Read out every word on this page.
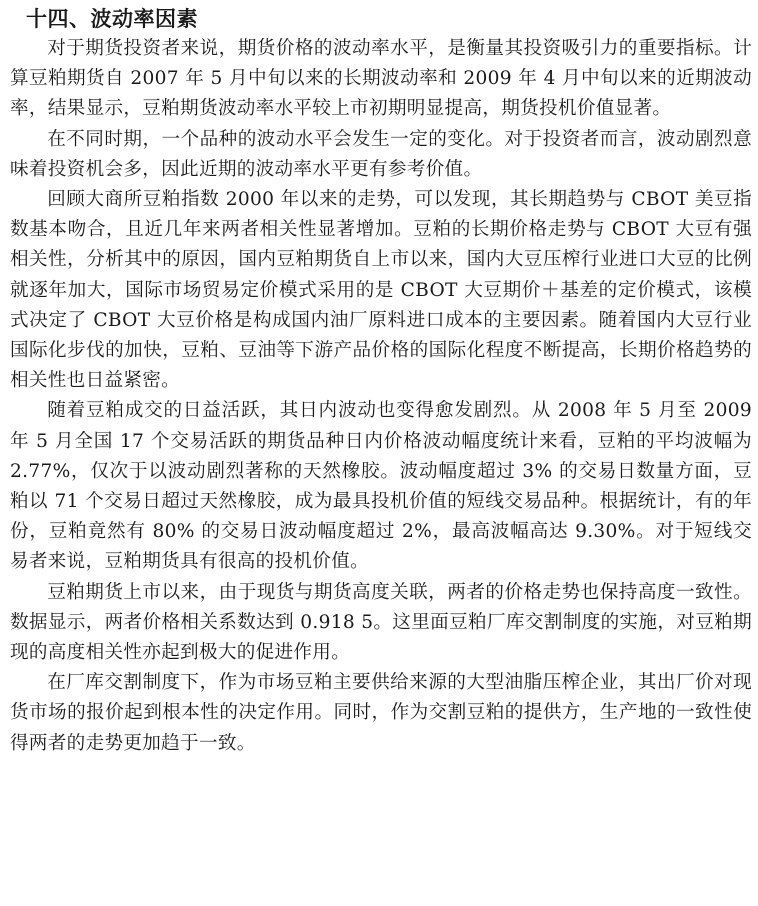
十四、波动率因素

对于期货投资者来说，期货价格的波动率水平，是衡量其投资吸引力的重要指标。计算豆粕期货自 2007 年 5 月中旬以来的长期波动率和 2009 年 4 月中旬以来的近期波动率，结果显示，豆粕期货波动率水平较上市初期明显提高，期货投机价值显著。

在不同时期，一个品种的波动水平会发生一定的变化。对于投资者而言，波动剧烈意味着投资机会多，因此近期的波动率水平更有参考价值。

回顾大商所豆粕指数 2000 年以来的走势，可以发现，其长期趋势与 CBOT 美豆指数基本吻合，且近几年来两者相关性显著增加。豆粕的长期价格走势与 CBOT 大豆有强相关性，分析其中的原因，国内豆粕期货自上市以来，国内大豆压榨行业进口大豆的比例就逐年加大，国际市场贸易定价模式采用的是 CBOT 大豆期价＋基差的定价模式，该模式决定了 CBOT 大豆价格是构成国内油厂原料进口成本的主要因素。随着国内大豆行业国际化步伐的加快，豆粕、豆油等下游产品价格的国际化程度不断提高，长期价格趋势的相关性也日益紧密。

随着豆粕成交的日益活跃，其日内波动也变得愈发剧烈。从 2008 年 5 月至 2009 年 5 月全国 17 个交易活跃的期货品种日内价格波动幅度统计来看，豆粕的平均波幅为 2.77%，仅次于以波动剧烈著称的天然橡胶。波动幅度超过 3% 的交易日数量方面，豆粕以 71 个交易日超过天然橡胶，成为最具投机价值的短线交易品种。根据统计，有的年份，豆粕竟然有 80% 的交易日波动幅度超过 2%，最高波幅高达 9.30%。对于短线交易者来说，豆粕期货具有很高的投机价值。

豆粕期货上市以来，由于现货与期货高度关联，两者的价格走势也保持高度一致性。数据显示，两者价格相关系数达到 0.918 5。这里面豆粕厂库交割制度的实施，对豆粕期现的高度相关性亦起到极大的促进作用。

在厂库交割制度下，作为市场豆粕主要供给来源的大型油脂压榨企业，其出厂价对现货市场的报价起到根本性的决定作用。同时，作为交割豆粕的提供方，生产地的一致性使得两者的走势更加趋于一致。
